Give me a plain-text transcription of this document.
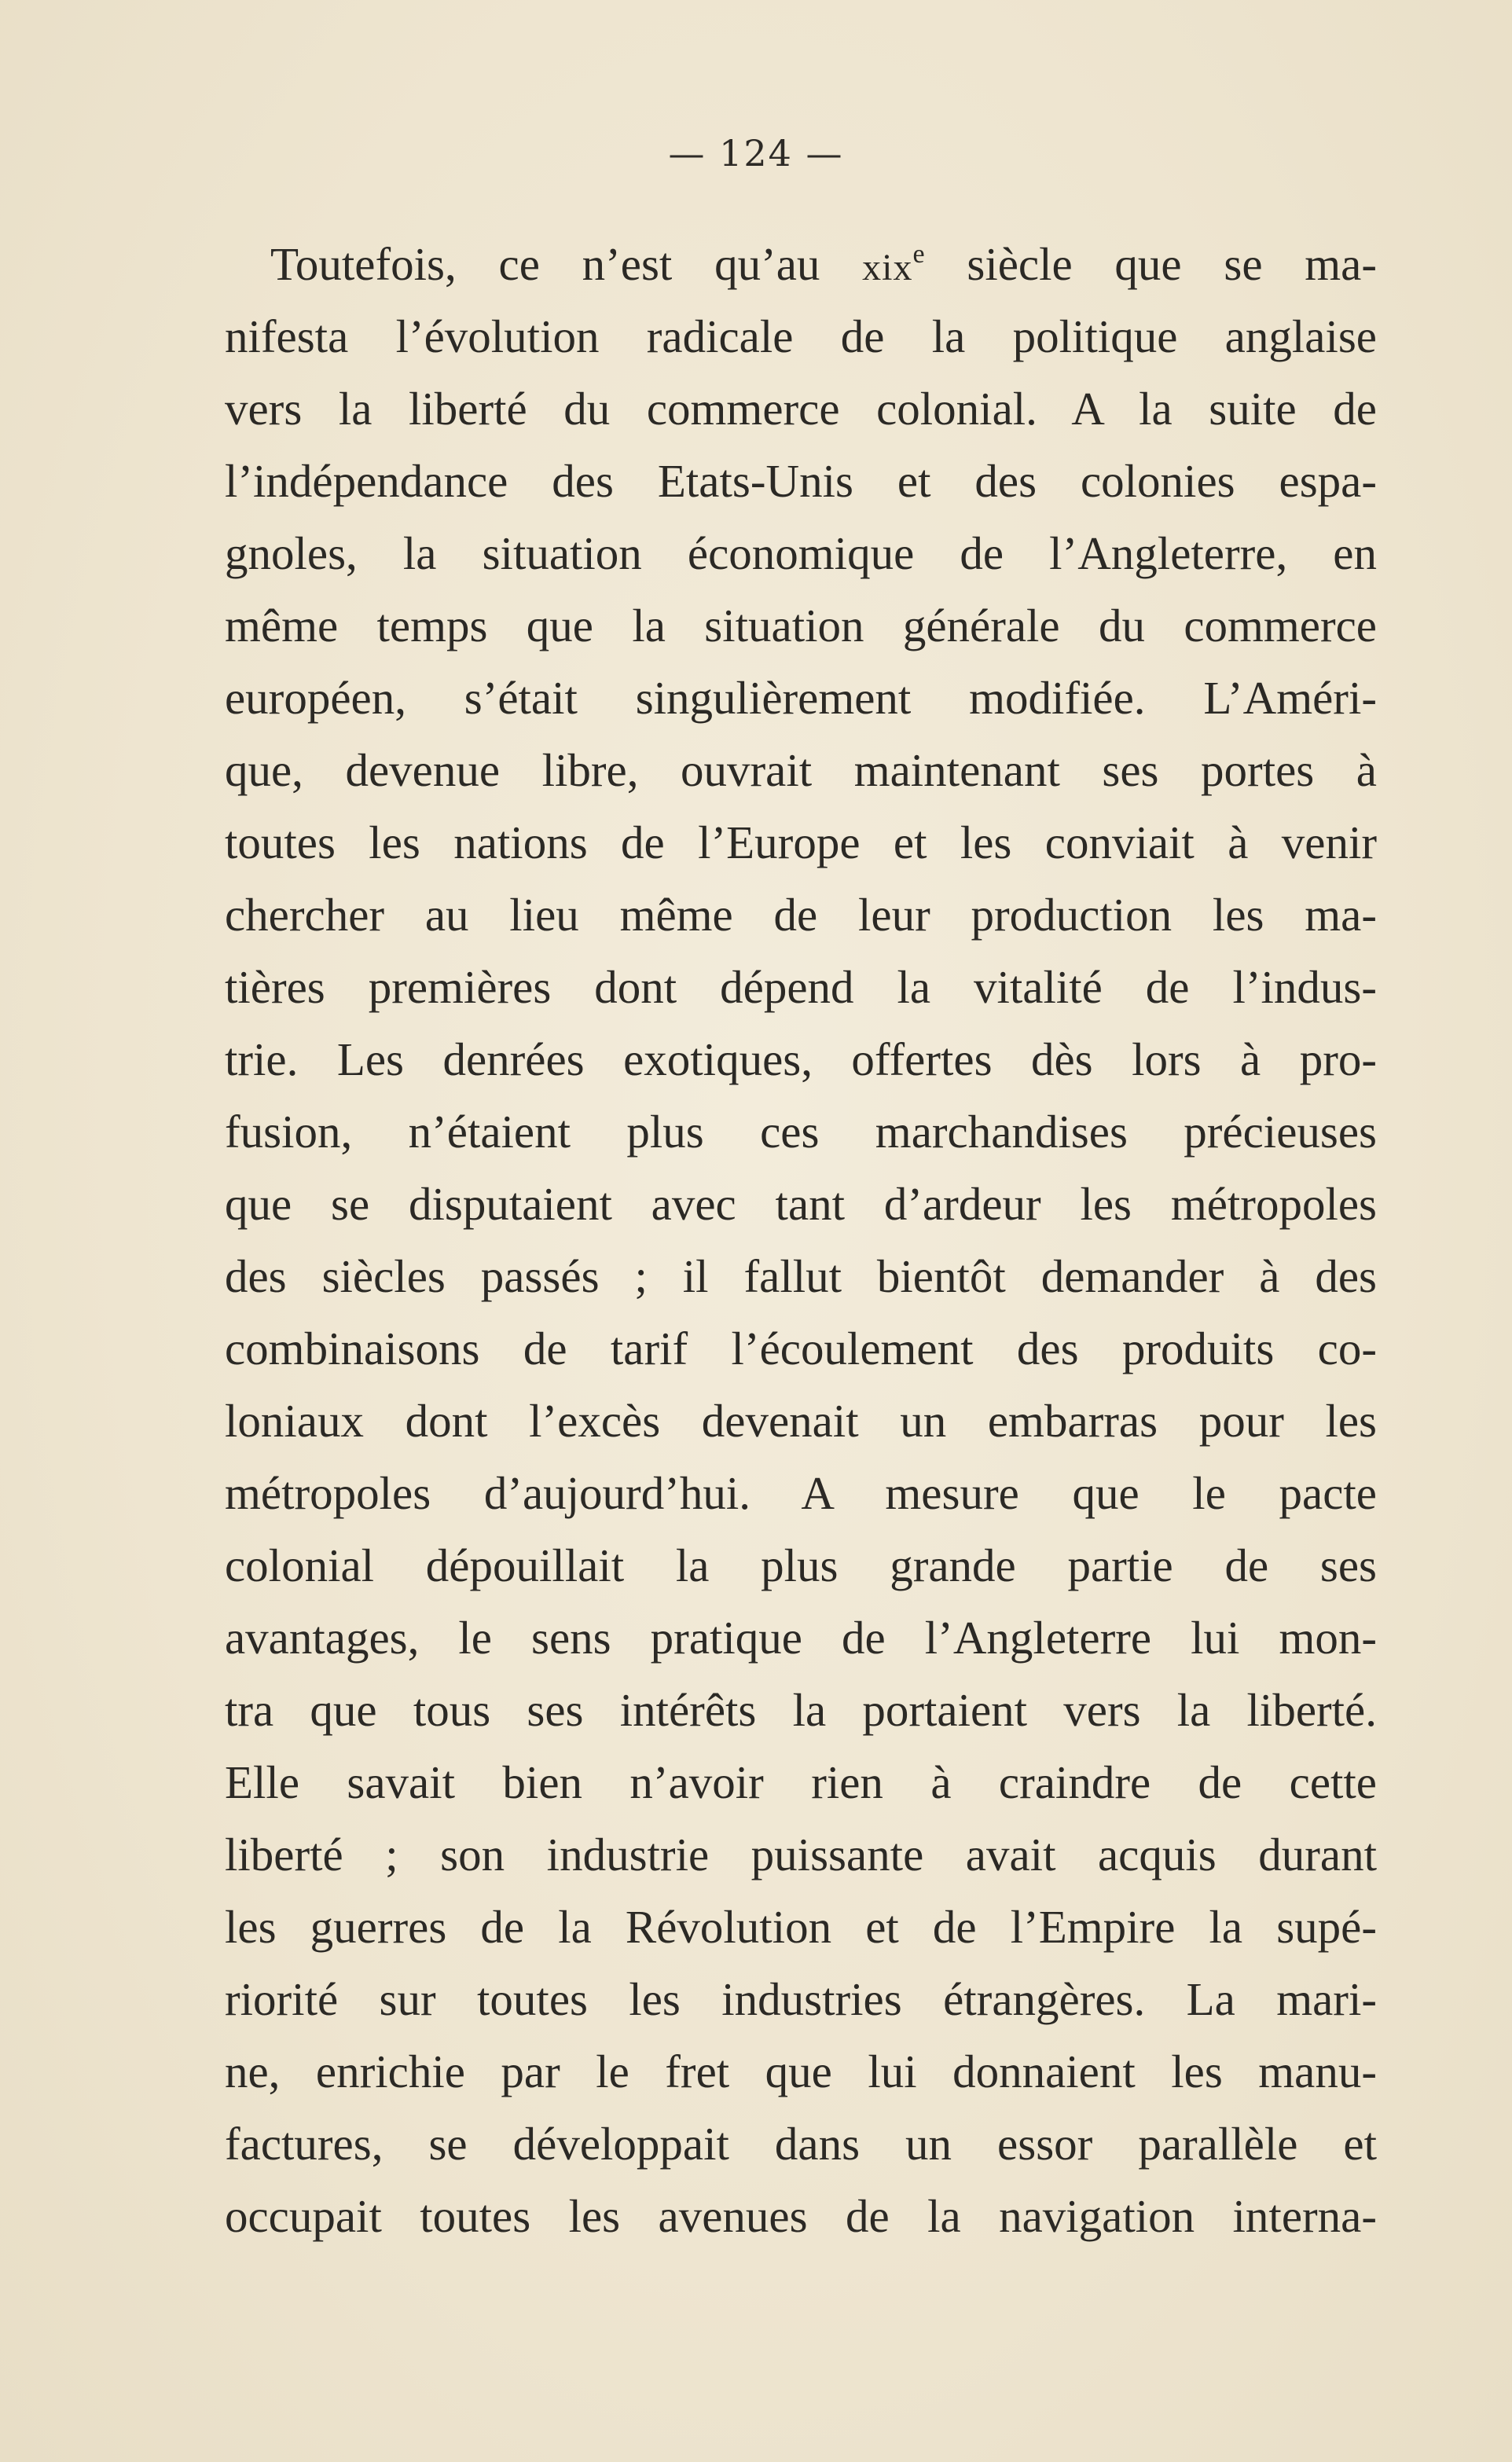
— 124 —
Toutefois, ce n’est qu’au xix$^e$ siècle que se ma-
nifesta l’évolution radicale de la politique anglaise
vers la liberté du commerce colonial. A la suite de
l’indépendance des Etats-Unis et des colonies espa-
gnoles, la situation économique de l’Angleterre, en
même temps que la situation générale du commerce
européen, s’était singulièrement modifiée. L’Améri-
que, devenue libre, ouvrait maintenant ses portes à
toutes les nations de l’Europe et les conviait à venir
chercher au lieu même de leur production les ma-
tières premières dont dépend la vitalité de l’indus-
trie. Les denrées exotiques, offertes dès lors à pro-
fusion, n’étaient plus ces marchandises précieuses
que se disputaient avec tant d’ardeur les métropoles
des siècles passés ; il fallut bientôt demander à des
combinaisons de tarif l’écoulement des produits co-
loniaux dont l’excès devenait un embarras pour les
métropoles d’aujourd’hui. A mesure que le pacte
colonial dépouillait la plus grande partie de ses
avantages, le sens pratique de l’Angleterre lui mon-
tra que tous ses intérêts la portaient vers la liberté.
Elle savait bien n’avoir rien à craindre de cette
liberté ; son industrie puissante avait acquis durant
les guerres de la Révolution et de l’Empire la supé-
riorité sur toutes les industries étrangères. La mari-
ne, enrichie par le fret que lui donnaient les manu-
factures, se développait dans un essor parallèle et
occupait toutes les avenues de la navigation interna-
